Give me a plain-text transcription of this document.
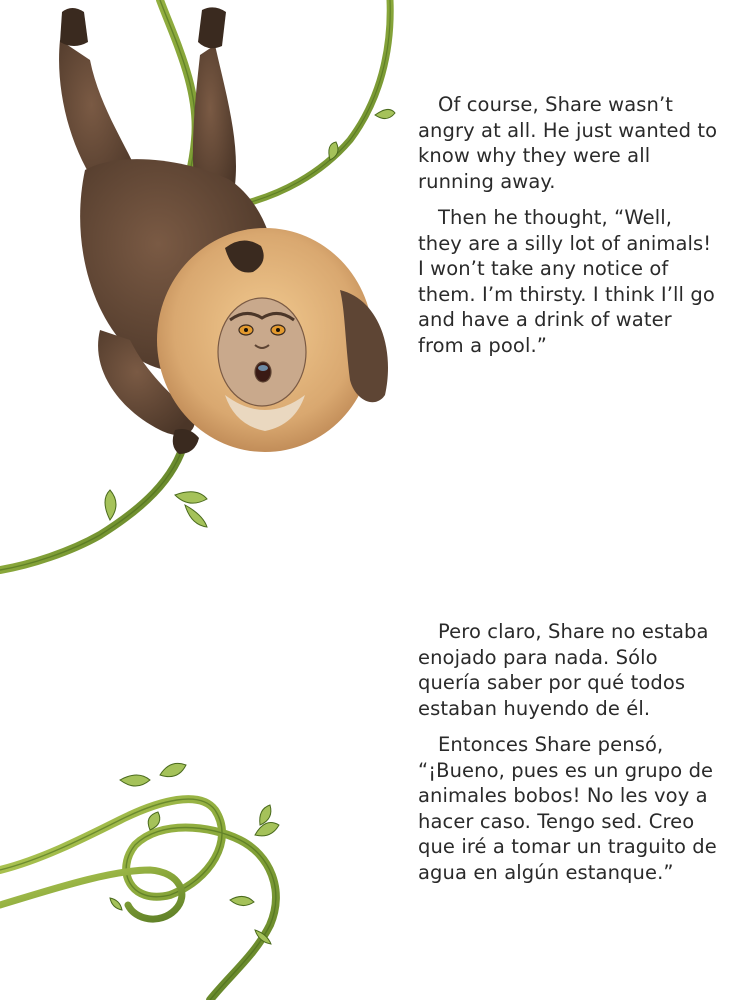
Of course, Share wasn’t angry at all. He just wanted to know why they were all running away.

Then he thought, “Well, they are a silly lot of animals! I won’t take any notice of them. I’m thirsty. I think I’ll go and have a drink of water from a pool.”

Pero claro, Share no estaba enojado para nada. Sólo quería saber por qué todos estaban huyendo de él.

Entonces Share pensó, “¡Bueno, pues es un grupo de animales bobos! No les voy a hacer caso. Tengo sed. Creo que iré a tomar un traguito de agua en algún estanque.”
